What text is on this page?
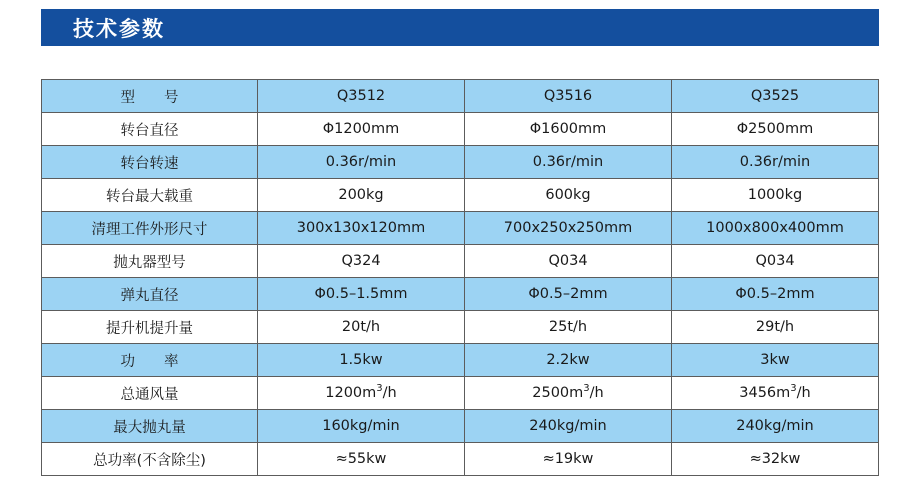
技术参数
型　　号	Q3512	Q3516	Q3525
转台直径	Φ1200mm	Φ1600mm	Φ2500mm
转台转速	0.36r/min	0.36r/min	0.36r/min
转台最大载重	200kg	600kg	1000kg
清理工件外形尺寸	300x130x120mm	700x250x250mm	1000x800x400mm
抛丸器型号	Q324	Q034	Q034
弹丸直径	Φ0.5–1.5mm	Φ0.5–2mm	Φ0.5–2mm
提升机提升量	20t/h	25t/h	29t/h
功　　率	1.5kw	2.2kw	3kw
总通风量	$1200m^3/h$	$2500m^3/h$	$3456m^3/h$
最大抛丸量	160kg/min	240kg/min	240kg/min
总功率(不含除尘)	≈55kw	≈19kw	≈32kw
